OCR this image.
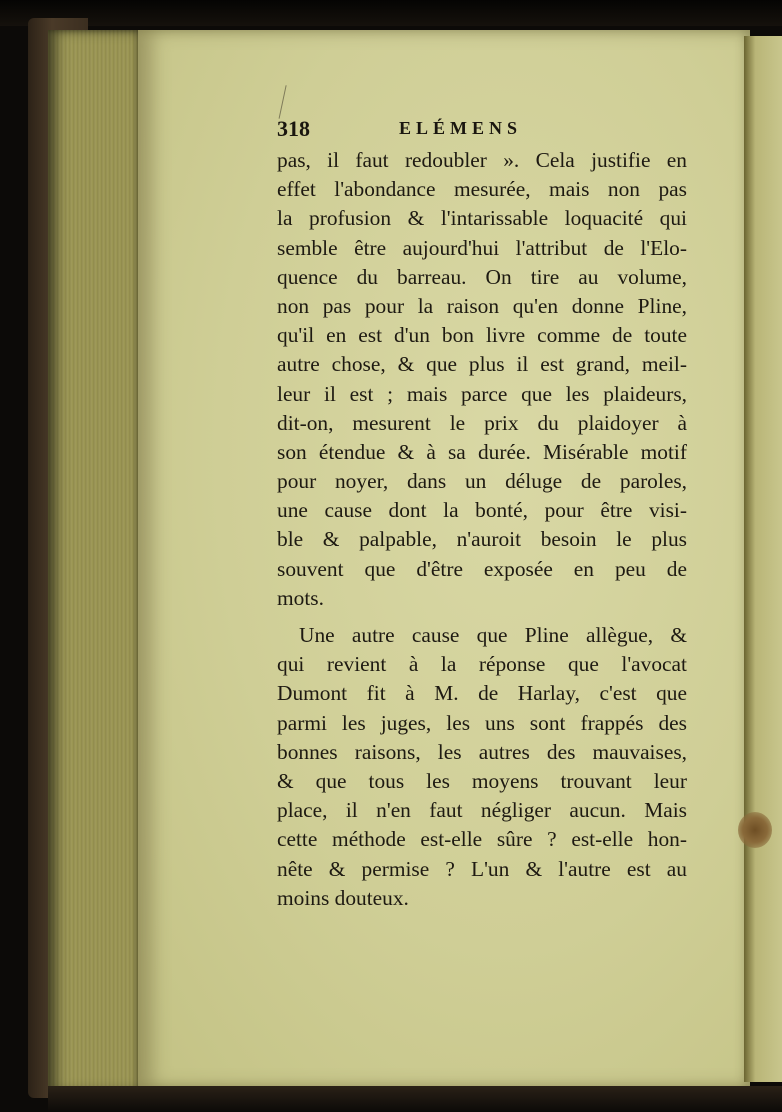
318	ELÉMENS
pas, il faut redoubler ». Cela justifie en
effet l'abondance mesurée, mais non pas
la profusion & l'intarissable loquacité qui
semble être aujourd'hui l'attribut de l'Elo-
quence du barreau. On tire au volume,
non pas pour la raison qu'en donne Pline,
qu'il en est d'un bon livre comme de toute
autre chose, & que plus il est grand, meil-
leur il est ; mais parce que les plaideurs,
dit-on, mesurent le prix du plaidoyer à
son étendue & à sa durée. Misérable motif
pour noyer, dans un déluge de paroles,
une cause dont la bonté, pour être visi-
ble & palpable, n'auroit besoin le plus
souvent que d'être exposée en peu de
mots.
Une autre cause que Pline allègue, &
qui revient à la réponse que l'avocat
Dumont fit à M. de Harlay, c'est que
parmi les juges, les uns sont frappés des
bonnes raisons, les autres des mauvaises,
& que tous les moyens trouvant leur
place, il n'en faut négliger aucun. Mais
cette méthode est-elle sûre ? est-elle hon-
nête & permise ? L'un & l'autre est au
moins douteux.
